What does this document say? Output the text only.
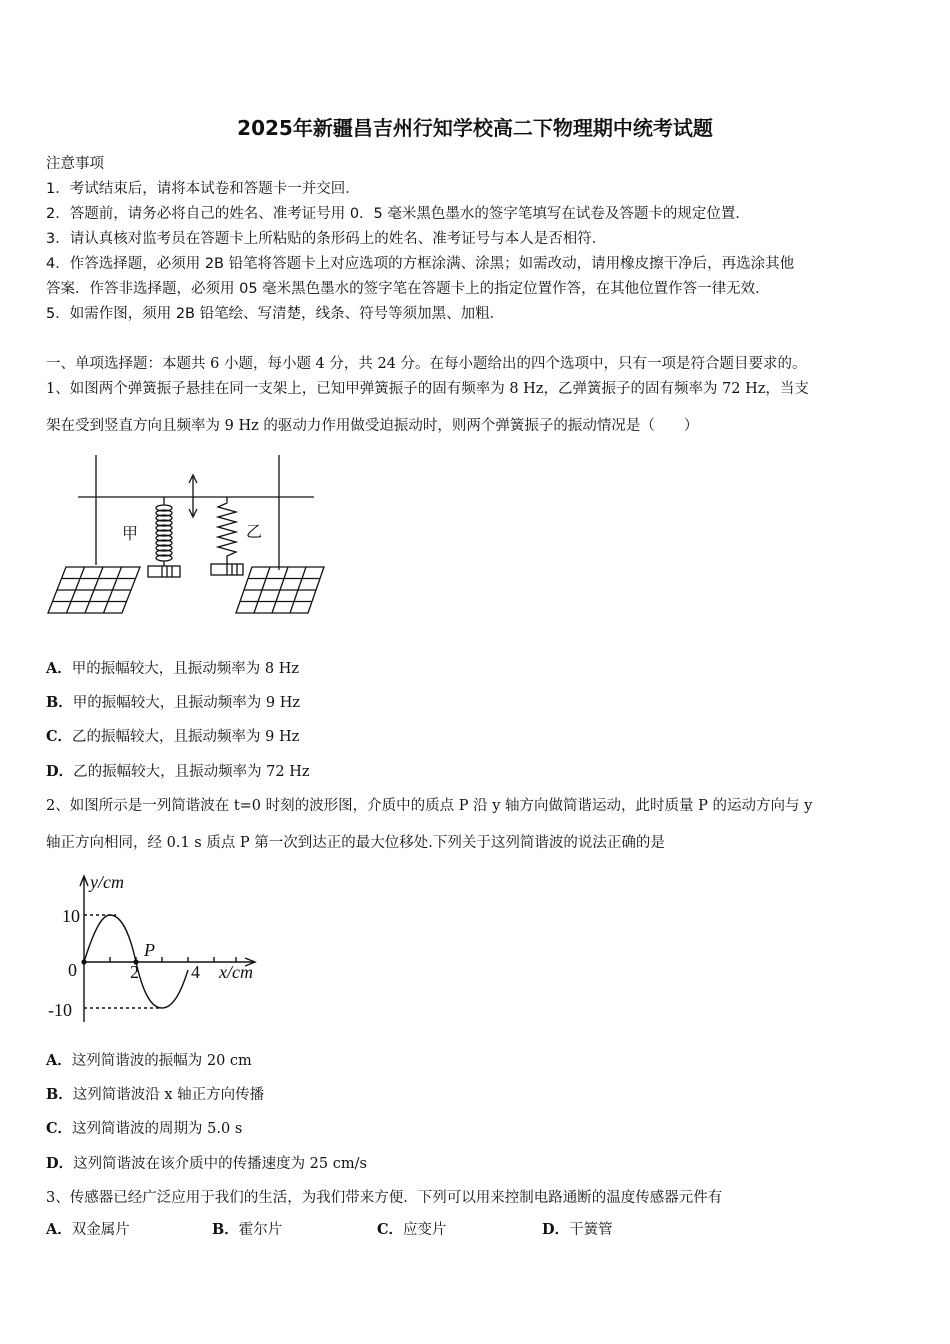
2025年新疆昌吉州行知学校高二下物理期中统考试题
注意事项
1．考试结束后，请将本试卷和答题卡一并交回．
2．答题前，请务必将自己的姓名、准考证号用 0．5 毫米黑色墨水的签字笔填写在试卷及答题卡的规定位置．
3．请认真核对监考员在答题卡上所粘贴的条形码上的姓名、准考证号与本人是否相符．
4．作答选择题，必须用 2B 铅笔将答题卡上对应选项的方框涂满、涂黑；如需改动，请用橡皮擦干净后，再选涂其他
答案．作答非选择题，必须用 05 毫米黑色墨水的签字笔在答题卡上的指定位置作答，在其他位置作答一律无效．
5．如需作图，须用 2B 铅笔绘、写清楚，线条、符号等须加黑、加粗．
一、单项选择题：本题共 6 小题，每小题 4 分，共 24 分。在每小题给出的四个选项中，只有一项是符合题目要求的。
1、如图两个弹簧振子悬挂在同一支架上，已知甲弹簧振子的固有频率为 8 Hz，乙弹簧振子的固有频率为 72 Hz，当支
架在受到竖直方向且频率为 9 Hz 的驱动力作用做受迫振动时，则两个弹簧振子的振动情况是（　　）
甲	乙
A．甲的振幅较大，且振动频率为 8 Hz
B．甲的振幅较大，且振动频率为 9 Hz
C．乙的振幅较大，且振动频率为 9 Hz
D．乙的振幅较大，且振动频率为 72 Hz
2、如图所示是一列简谐波在 t=0 时刻的波形图，介质中的质点 P 沿 y 轴方向做简谐运动，此时质量 P 的运动方向与 y
轴正方向相同，经 0.1 s 质点 P 第一次到达正的最大位移处.下列关于这列简谐波的说法正确的是
y/cm
10
0
-10
2	4
P
x/cm
A．这列简谐波的振幅为 20 cm
B．这列简谐波沿 x 轴正方向传播
C．这列简谐波的周期为 5.0 s
D．这列简谐波在该介质中的传播速度为 25 cm/s
3、传感器已经广泛应用于我们的生活，为我们带来方便．下列可以用来控制电路通断的温度传感器元件有
A．双金属片	B．霍尔片	C．应变片	D．干簧管
